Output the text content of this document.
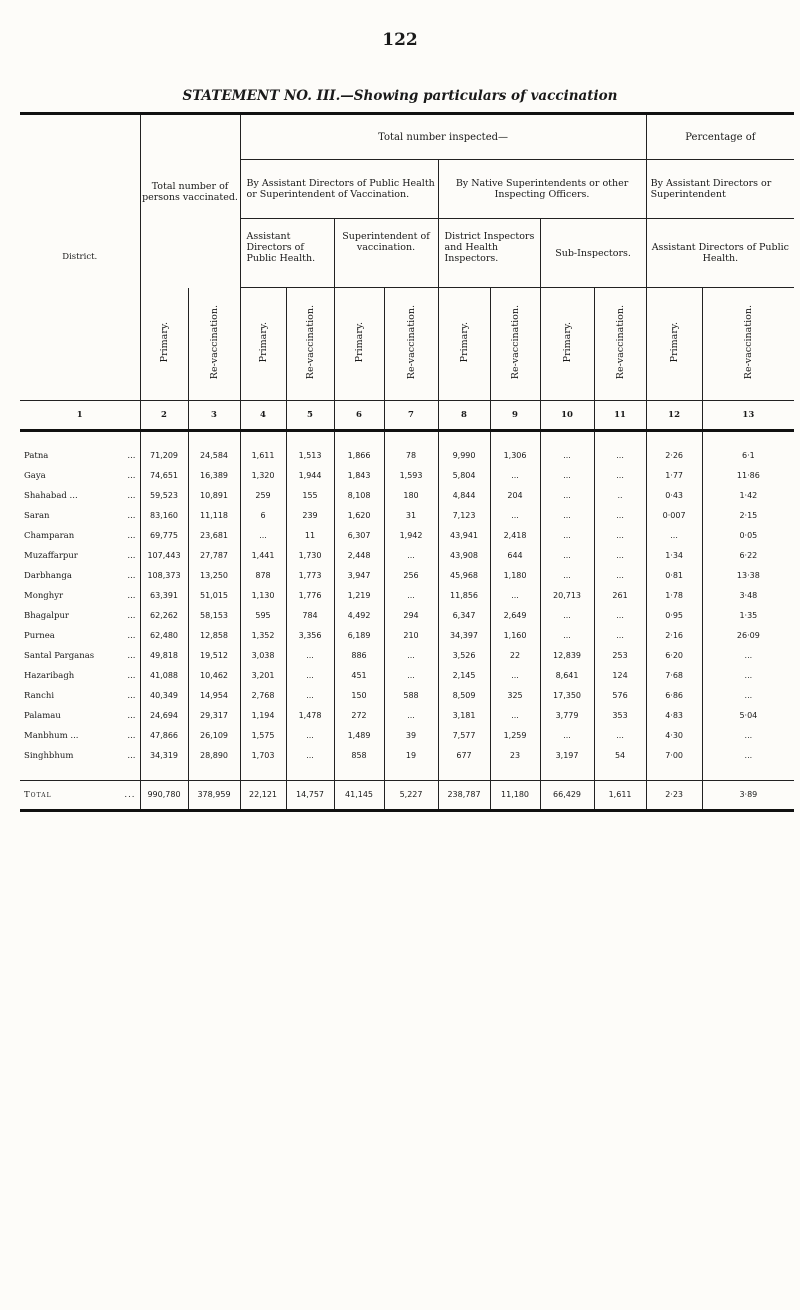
122
STATEMENT NO. III.—Showing particulars of vaccination
District.	Total number of persons vaccinated.		Total number inspected—								Percentage of	
			By Assistant Directors of Public Health or Superintendent of Vaccination.				By Native Superintendents or other Inspecting Officers.				By Assistant Directors or Superintendent	
			Assistant Directors of Public Health.		Superintendent of vaccination.		District Inspectors and Health Inspectors.		Sub-Inspectors.		Assistant Directors of Public Health.	
	Primary.	Re-vaccination.	Primary.	Re-vaccination.	Primary.	Re-vaccination.	Primary.	Re-vaccination.	Primary.	Re-vaccination.	Primary.	Re-vaccination.
1	2	3	4	5	6	7	8	9	10	11	12	13

Patna ...	71,209	24,584	1,611	1,513	1,866	78	9,990	1,306	...	...	2·26	6·1
Gaya ...	74,651	16,389	1,320	1,944	1,843	1,593	5,804	...	...	...	1·77	11·86
Shahabad ... ...	59,523	10,891	259	155	8,108	180	4,844	204	...	..	0·43	1·42
Saran ...	83,160	11,118	6	239	1,620	31	7,123	...	...	...	0·007	2·15
Champaran ...	69,775	23,681	...	11	6,307	1,942	43,941	2,418	...	...	...	0·05
Muzaffarpur ...	107,443	27,787	1,441	1,730	2,448	...	43,908	644	...	...	1·34	6·22
Darbhanga ...	108,373	13,250	878	1,773	3,947	256	45,968	1,180	...	...	0·81	13·38
Monghyr ...	63,391	51,015	1,130	1,776	1,219	...	11,856	...	20,713	261	1·78	3·48
Bhagalpur ...	62,262	58,153	595	784	4,492	294	6,347	2,649	...	...	0·95	1·35
Purnea ...	62,480	12,858	1,352	3,356	6,189	210	34,397	1,160	...	...	2·16	26·09
Santal Parganas ...	49,818	19,512	3,038	...	886	...	3,526	22	12,839	253	6·20	...
Hazaribagh ...	41,088	10,462	3,201	...	451	...	2,145	...	8,641	124	7·68	...
Ranchi ...	40,349	14,954	2,768	...	150	588	8,509	325	17,350	576	6·86	...
Palamau ...	24,694	29,317	1,194	1,478	272	...	3,181	...	3,779	353	4·83	5·04
Manbhum ... ...	47,866	26,109	1,575	...	1,489	39	7,577	1,259	...	...	4·30	...
Singhbhum ...	34,319	28,890	1,703	...	858	19	677	23	3,197	54	7·00	...

Total ...	990,780	378,959	22,121	14,757	41,145	5,227	238,787	11,180	66,429	1,611	2·23	3·89
